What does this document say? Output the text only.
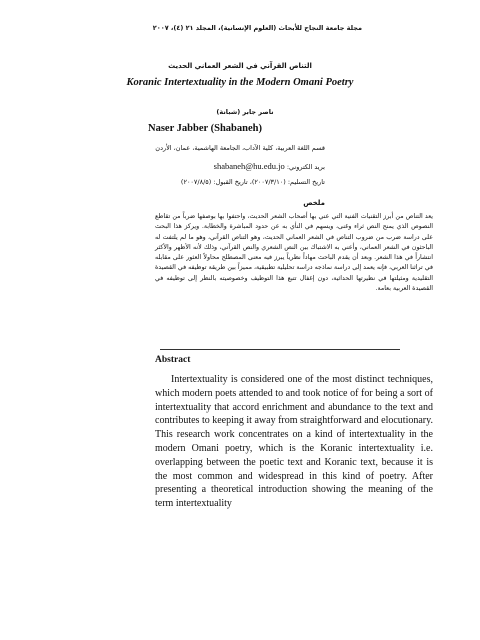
مجلة جامعة النجاح للأبحاث (العلوم الإنسانية)، المجلد ٢١ (٤)، ٢٠٠٧
التناص القرآني في الشعر العماني الحديث
Koranic Intertextuality in the Modern Omani Poetry
ناصر جابر (شبانة)
Naser Jabber (Shabaneh)
قسم اللغة العربية، كلية الآداب، الجامعة الهاشمية، عمان، الأردن
بريد الكتروني: shabaneh@hu.edu.jo
تاريخ التسليم: (٢٠٠٧/٣/١٠)، تاريخ القبول: (٢٠٠٧/٨/٥)
ملخص
يعد التناص من أبرز التقنيات الفنية التي عني بها أصحاب الشعر الحديث، واحتفوا بها بوصفها ضرباً من تقاطع النصوص الذي يمنح النص ثراء وغنى، ويسهم في النأي به عن حدود المباشرة والخطابة. ويركز هذا البحث على دراسة ضرب من ضروب التناص في الشعر العماني الحديث، وهو التناص القرآني، وهو ما لم يلتفت له الباحثون في الشعر العماني، وأعني به الاشتباك بين النص الشعري والنص القرآني، وذلك لأنه الأظهر والأكثر انتشاراً في هذا الشعر. وبعد أن يقدم الباحث مهاداً نظرياً يبرز فيه معنى المصطلح محاولاً العثور على مقابله في تراثنا العربي، فإنه يعمد إلى دراسة نماذجه دراسة تحليلية تطبيقية، مميزاً بين طريقة توظيفه في القصيدة التقليدية ومثيلتها في نظيرتها الحداثية، دون إغفال تتبع هذا التوظيف وخصوصيته بالنظر إلى توظيفه في القصيدة العربية بعامة.
Abstract
Intertextuality is considered one of the most distinct techniques, which modern poets attended to and took notice of for being a sort of intertextuality that accord enrichment and abundance to the text and contributes to keeping it away from straightforward and elocutionary. This research work concentrates on a kind of intertextuality in the modern Omani poetry, which is the Koranic intertextuality i.e. overlapping between the poetic text and Koranic text, because it is the most common and widespread in this kind of poetry. After presenting a theoretical introduction showing the meaning of the term intertextuality
